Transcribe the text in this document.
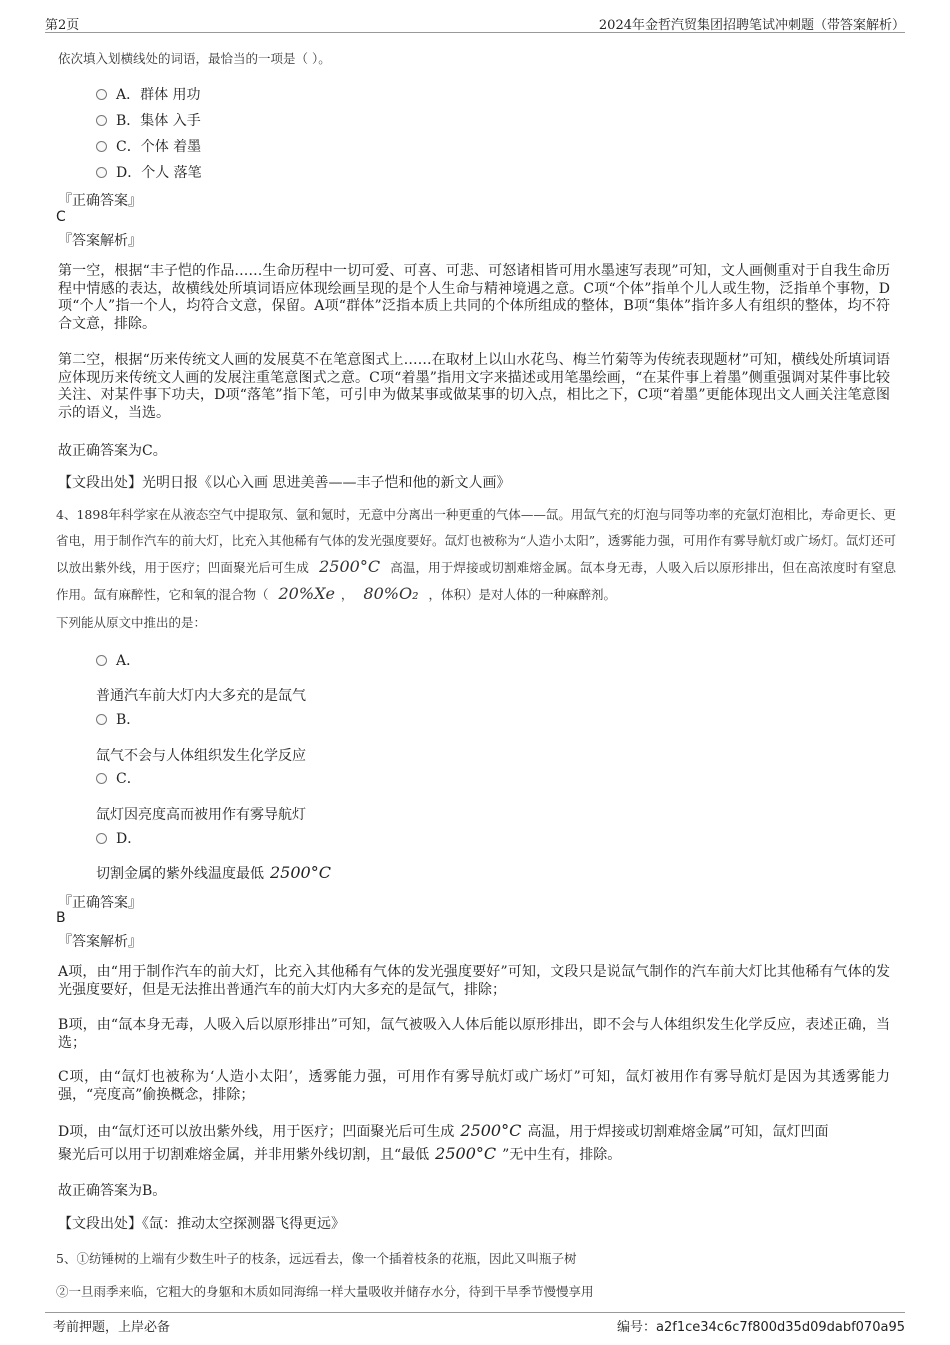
第2页	2024年金哲汽贸集团招聘笔试冲刺题（带答案解析）
依次填入划横线处的词语，最恰当的一项是（ ）。
A．群体 用功
B．集体 入手
C．个体 着墨
D．个人 落笔
『正确答案』
C
『答案解析』
第一空，根据“丰子恺的作品……生命历程中一切可爱、可喜、可悲、可怒诸相皆可用水墨速写表现”可知，文人画侧重对于自我生命历程中情感的表达，故横线处所填词语应体现绘画呈现的是个人生命与精神境遇之意。C项“个体”指单个儿人或生物，泛指单个事物，D项“个人”指一个人，均符合文意，保留。A项“群体”泛指本质上共同的个体所组成的整体，B项“集体”指许多人有组织的整体，均不符合文意，排除。
第二空，根据“历来传统文人画的发展莫不在笔意图式上……在取材上以山水花鸟、梅兰竹菊等为传统表现题材”可知，横线处所填词语应体现历来传统文人画的发展注重笔意图式之意。C项“着墨”指用文字来描述或用笔墨绘画，“在某件事上着墨”侧重强调对某件事比较关注、对某件事下功夫，D项“落笔”指下笔，可引申为做某事或做某事的切入点，相比之下，C项“着墨”更能体现出文人画关注笔意图示的语义，当选。
故正确答案为C。
【文段出处】光明日报《以心入画 思进美善——丰子恺和他的新文人画》
4、1898年科学家在从液态空气中提取氖、氩和氪时，无意中分离出一种更重的气体——氙。用氙气充的灯泡与同等功率的充氩灯泡相比，寿命更长、更省电，用于制作汽车的前大灯，比充入其他稀有气体的发光强度要好。氙灯也被称为“人造小太阳”，透雾能力强，可用作有雾导航灯或广场灯。氙灯还可以放出紫外线，用于医疗；凹面聚光后可生成 2500°C 高温，用于焊接或切割难熔金属。氙本身无毒，人吸入后以原形排出，但在高浓度时有窒息作用。氙有麻醉性，它和氧的混合物（ 20%Xe ， 80%O₂ ，体积）是对人体的一种麻醉剂。
下列能从原文中推出的是：
A．
普通汽车前大灯内大多充的是氙气
B．
氙气不会与人体组织发生化学反应
C．
氙灯因亮度高而被用作有雾导航灯
D．
切割金属的紫外线温度最低 2500°C
『正确答案』
B
『答案解析』
A项，由“用于制作汽车的前大灯，比充入其他稀有气体的发光强度要好”可知，文段只是说氙气制作的汽车前大灯比其他稀有气体的发光强度要好，但是无法推出普通汽车的前大灯内大多充的是氙气，排除；
B项，由“氙本身无毒，人吸入后以原形排出”可知，氙气被吸入人体后能以原形排出，即不会与人体组织发生化学反应，表述正确，当选；
C项，由“氙灯也被称为‘人造小太阳’，透雾能力强，可用作有雾导航灯或广场灯”可知，氙灯被用作有雾导航灯是因为其透雾能力强，“亮度高”偷换概念，排除；
D项，由“氙灯还可以放出紫外线，用于医疗；凹面聚光后可生成 2500°C 高温，用于焊接或切割难熔金属”可知，氙灯凹面
聚光后可以用于切割难熔金属，并非用紫外线切割，且“最低 2500°C ”无中生有，排除。
故正确答案为B。
【文段出处】《氙：推动太空探测器飞得更远》
5、①纺锤树的上端有少数生叶子的枝条，远远看去，像一个插着枝条的花瓶，因此又叫瓶子树
②一旦雨季来临，它粗大的身躯和木质如同海绵一样大量吸收并储存水分，待到干旱季节慢慢享用
考前押题，上岸必备	编号：a2f1ce34c6c7f800d35d09dabf070a95
